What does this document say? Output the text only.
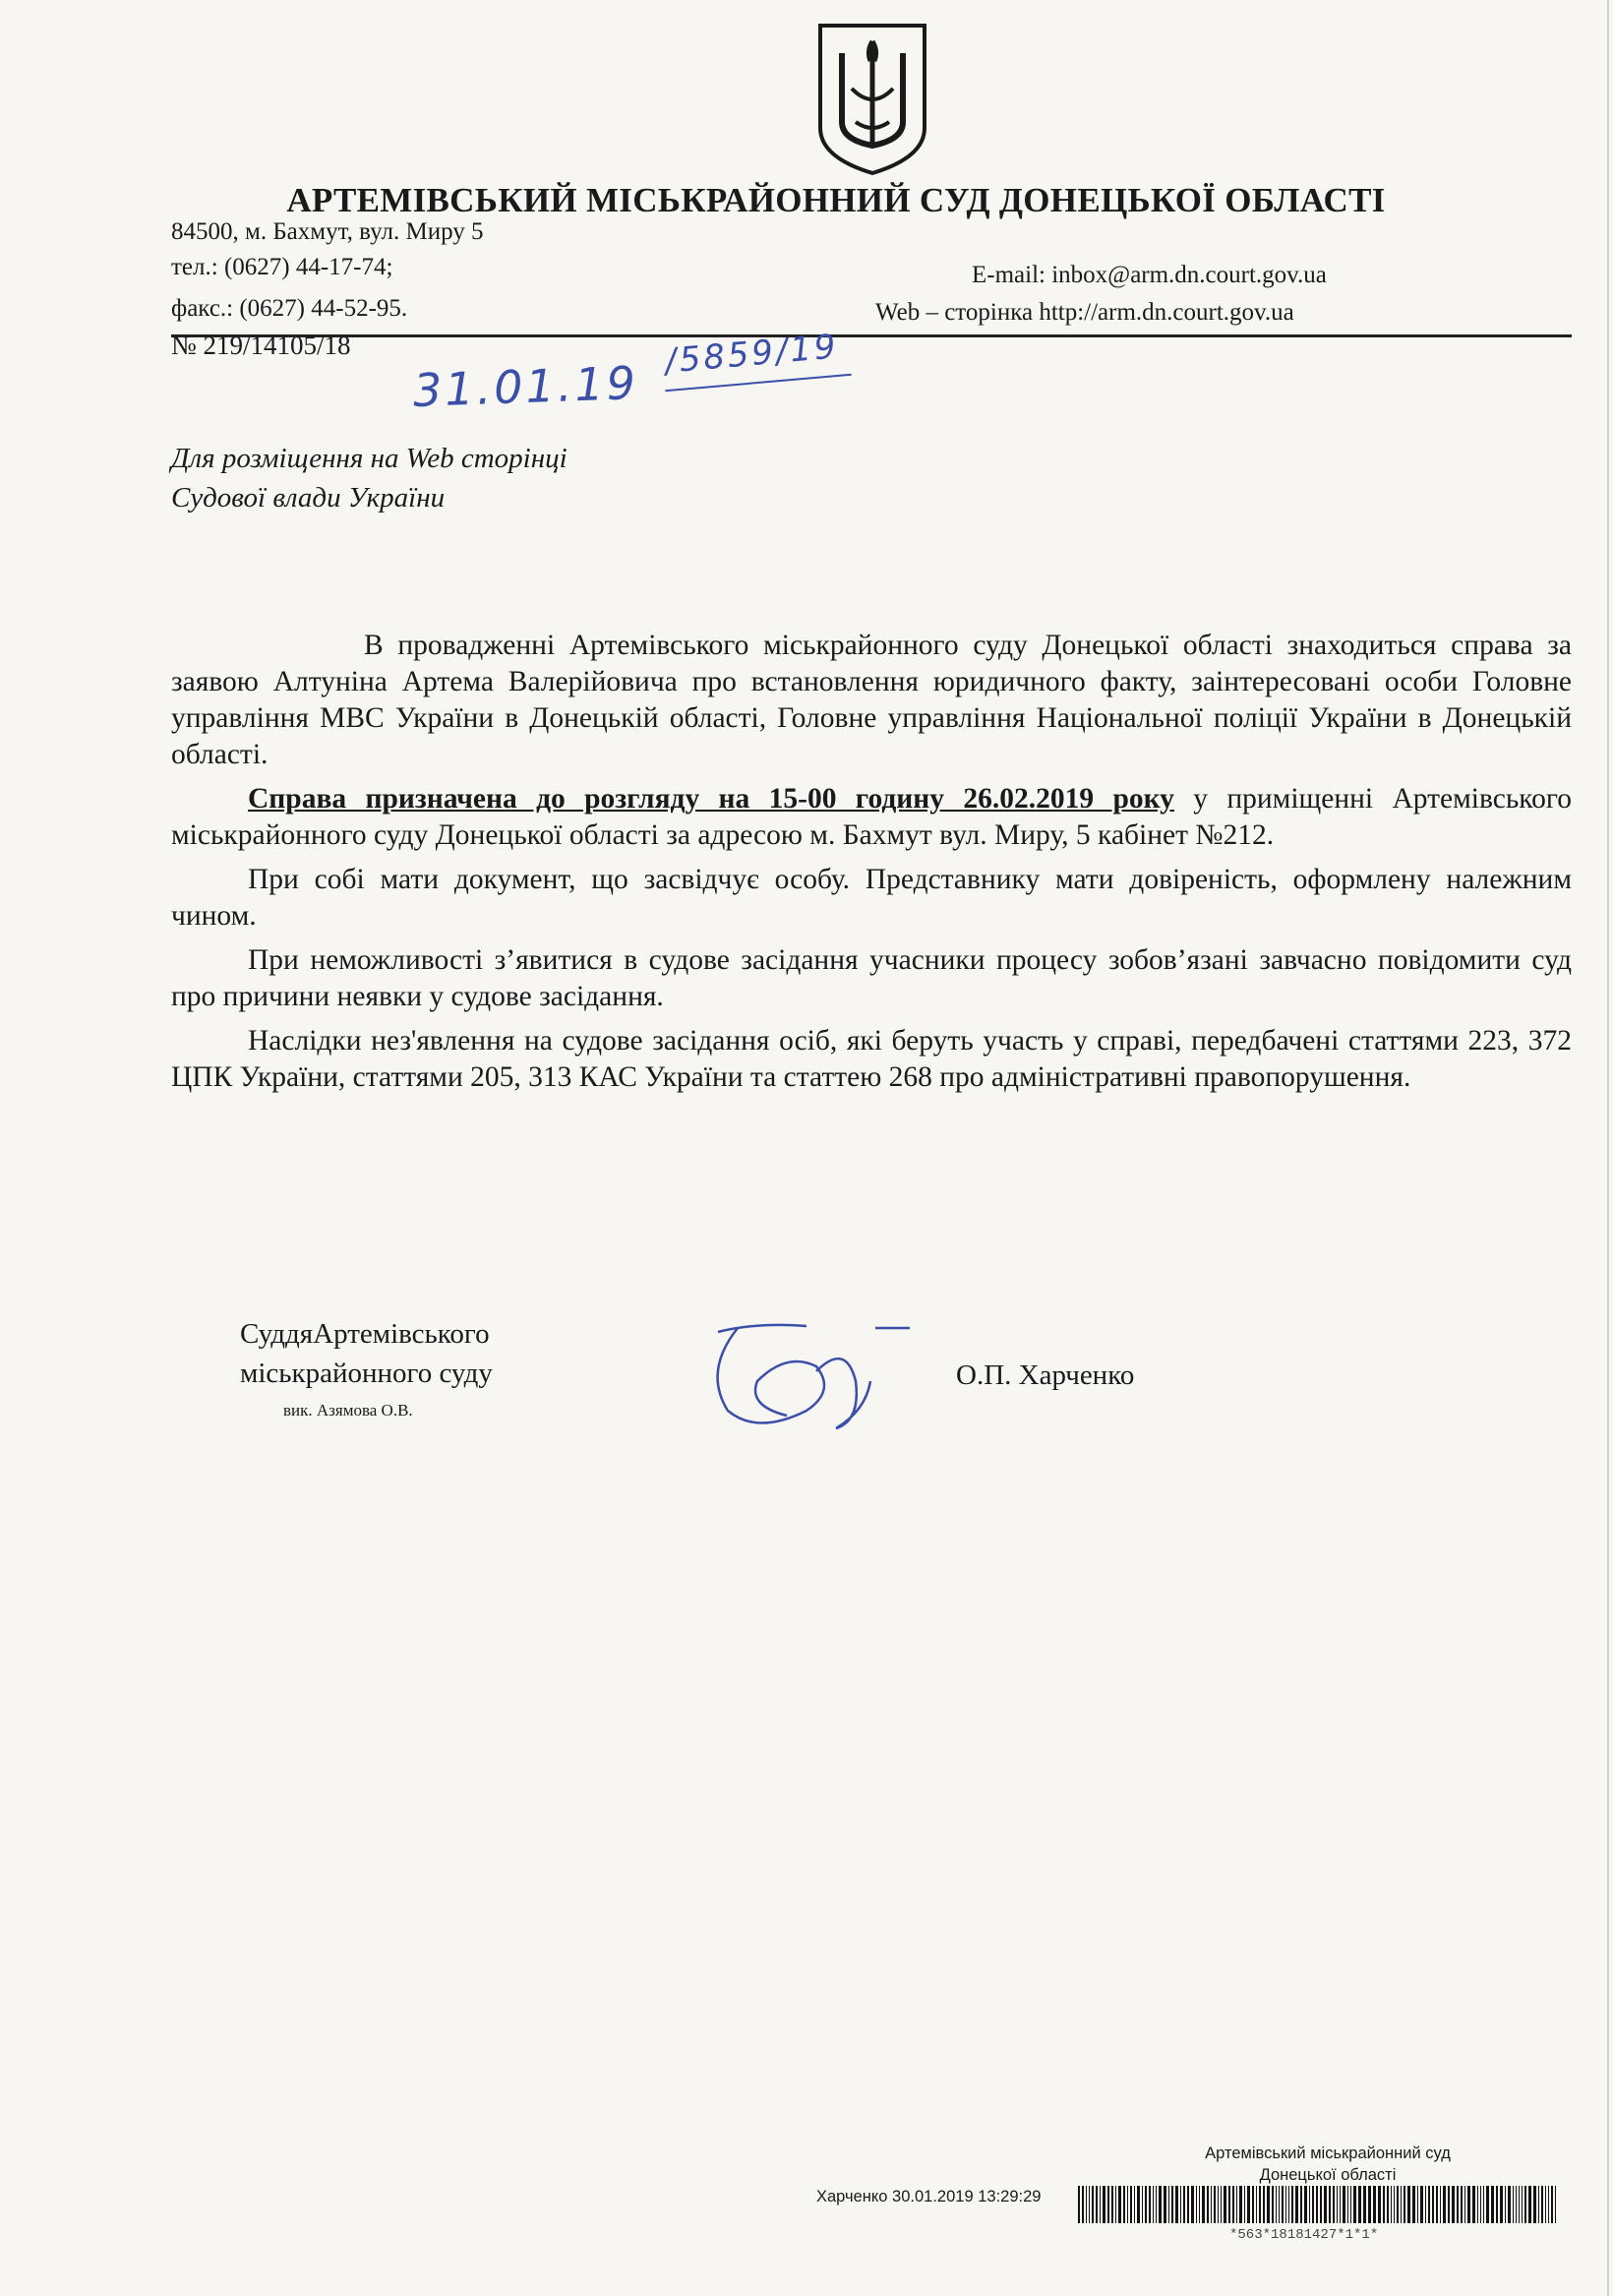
АРТЕМІВСЬКИЙ МІСЬКРАЙОННИЙ СУД ДОНЕЦЬКОЇ ОБЛАСТІ
84500, м. Бахмут, вул. Миру 5
тел.: (0627) 44-17-74;
факс.: (0627) 44-52-95.
E-mail: inbox@arm.dn.court.gov.ua
Web – сторінка http://arm.dn.court.gov.ua
№ 219/14105/18
31.01.19
/5859/19
Для розміщення на Web сторінці
Судової влади України

В провадженні Артемівського міськрайонного суду Донецької області знаходиться справа за заявою Алтуніна Артема Валерійовича про встановлення юридичного факту, заінтересовані особи Головне управління МВС України в Донецькій області, Головне управління Національної поліції України в Донецькій області.

Справа призначена до розгляду на 15-00 годину 26.02.2019 року у приміщенні Артемівського міськрайонного суду Донецької області за адресою м. Бахмут вул. Миру, 5 кабінет №212.

При собі мати документ, що засвідчує особу. Представнику мати довіреність, оформлену належним чином.

При неможливості з’явитися в судове засідання учасники процесу зобов’язані завчасно повідомити суд про причини неявки у судове засідання.

Наслідки нез'явлення на судове засідання осіб, які беруть участь у справі, передбачені статтями 223, 372 ЦПК України, статтями 205, 313 КАС України та статтею 268 про адміністративні правопорушення.

СуддяАртемівського
міськрайонного суду
вик. Азямова О.В.
О.П. Харченко
Артемівський міськрайонний суд
Донецької області
Харченко 30.01.2019 13:29:29
*563*18181427*1*1*
